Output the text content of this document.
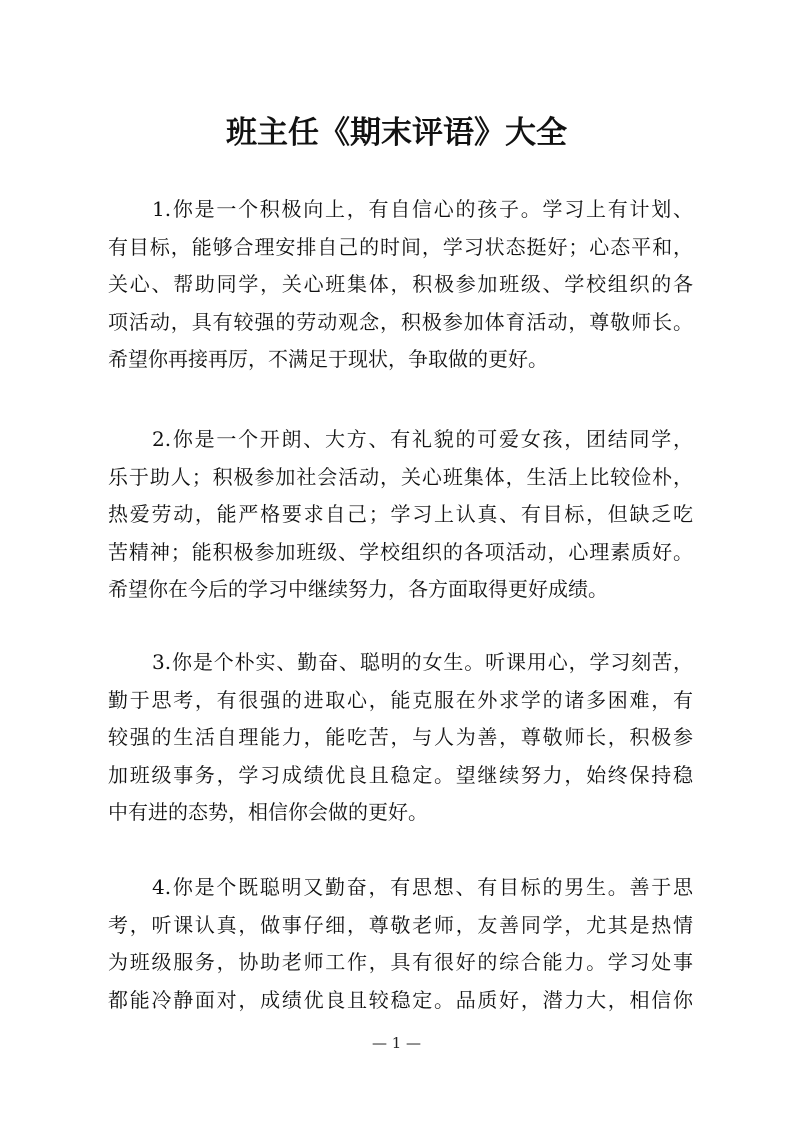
班主任《期末评语》大全
1.你是一个积极向上，有自信心的孩子。学习上有计划、
有目标，能够合理安排自己的时间，学习状态挺好；心态平和，
关心、帮助同学，关心班集体，积极参加班级、学校组织的各
项活动，具有较强的劳动观念，积极参加体育活动，尊敬师长。
希望你再接再厉，不满足于现状，争取做的更好。
2.你是一个开朗、大方、有礼貌的可爱女孩，团结同学，
乐于助人；积极参加社会活动，关心班集体，生活上比较俭朴，
热爱劳动，能严格要求自己；学习上认真、有目标，但缺乏吃
苦精神；能积极参加班级、学校组织的各项活动，心理素质好。
希望你在今后的学习中继续努力，各方面取得更好成绩。
3.你是个朴实、勤奋、聪明的女生。听课用心，学习刻苦，
勤于思考，有很强的进取心，能克服在外求学的诸多困难，有
较强的生活自理能力，能吃苦，与人为善，尊敬师长，积极参
加班级事务，学习成绩优良且稳定。望继续努力，始终保持稳
中有进的态势，相信你会做的更好。
4.你是个既聪明又勤奋，有思想、有目标的男生。善于思
考，听课认真，做事仔细，尊敬老师，友善同学，尤其是热情
为班级服务，协助老师工作，具有很好的综合能力。学习处事
都能冷静面对，成绩优良且较稳定。品质好，潜力大，相信你
— 1 —
